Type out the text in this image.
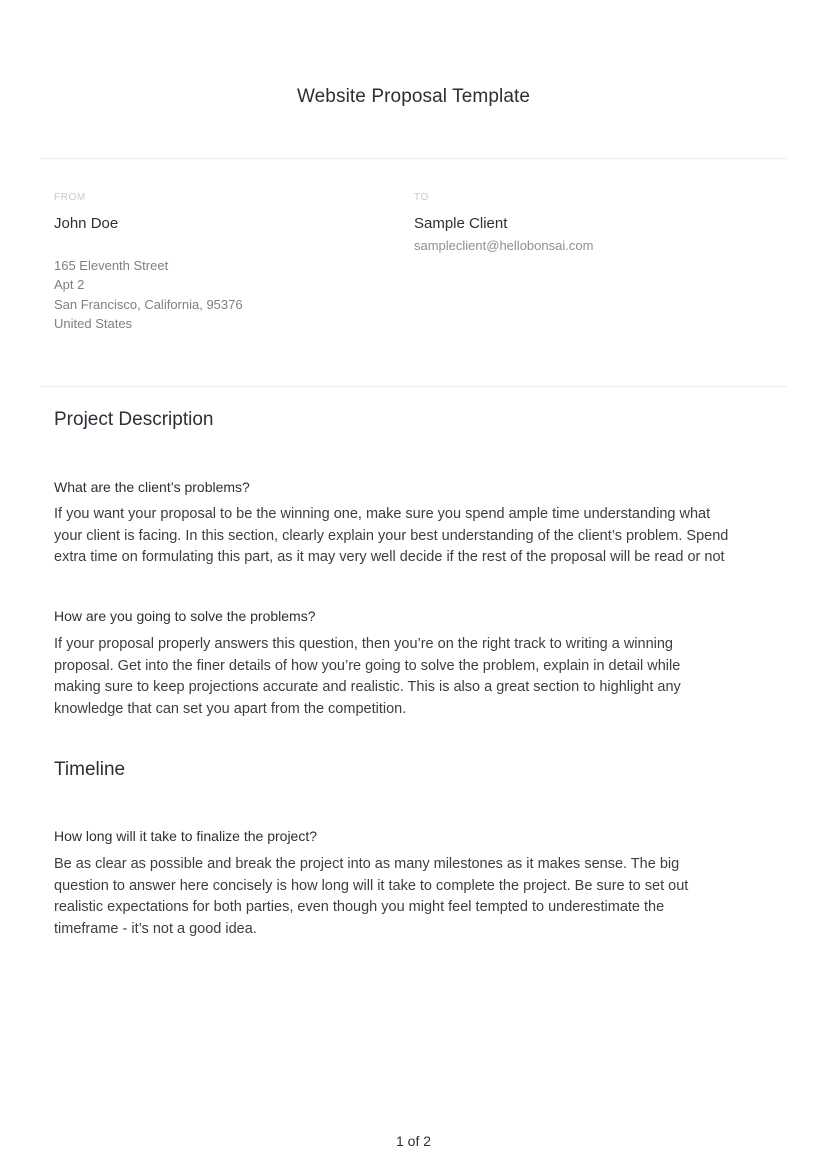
Website Proposal Template
FROM
John Doe
165 Eleventh Street
Apt 2
San Francisco, California, 95376
United States
TO
Sample Client
sampleclient@hellobonsai.com
Project Description
What are the client’s problems?
If you want your proposal to be the winning one, make sure you spend ample time understanding what
your client is facing. In this section, clearly explain your best understanding of the client’s problem. Spend
extra time on formulating this part, as it may very well decide if the rest of the proposal will be read or not
How are you going to solve the problems?
If your proposal properly answers this question, then you’re on the right track to writing a winning
proposal. Get into the finer details of how you’re going to solve the problem, explain in detail while
making sure to keep projections accurate and realistic. This is also a great section to highlight any
knowledge that can set you apart from the competition.
Timeline
How long will it take to finalize the project?
Be as clear as possible and break the project into as many milestones as it makes sense. The big
question to answer here concisely is how long will it take to complete the project. Be sure to set out
realistic expectations for both parties, even though you might feel tempted to underestimate the
timeframe - it’s not a good idea.
1 of 2
